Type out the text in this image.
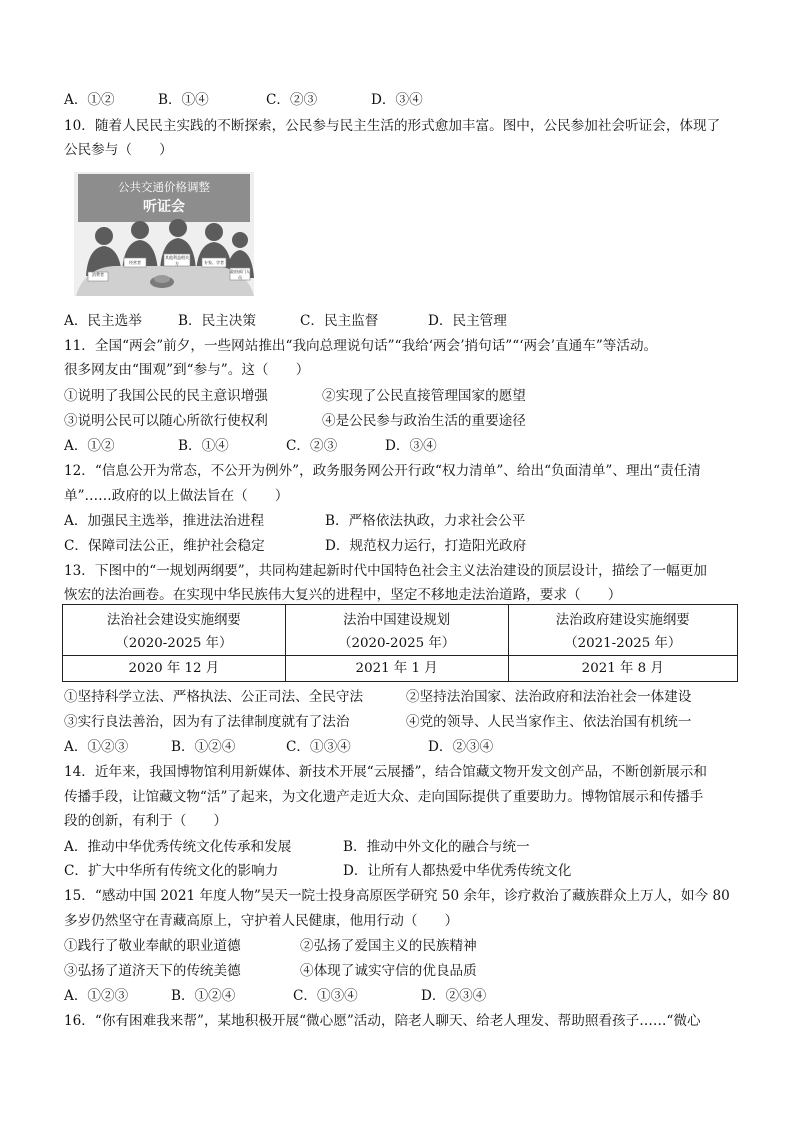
A．①②	B．①④	C．②③	D．③④
10．随着人民民主实践的不断探索，公民参与民主生活的形式愈加丰富。图中，公民参加社会听证会，体现了
公民参与（　　）
公共交通价格调整
听证会
消费者
经营者
其他利益相关方	专家、学者
政府部门人员
A．民主选举	B．民主决策	C．民主监督	D．民主管理
11．全国“两会”前夕，一些网站推出“我向总理说句话”“我给‘两会’捎句话”“‘两会’直通车”等活动。
很多网友由“围观”到“参与”。这（　　）
①说明了我国公民的民主意识增强	②实现了公民直接管理国家的愿望
③说明公民可以随心所欲行使权利	④是公民参与政治生活的重要途径
A．①②	B．①④	C．②③	D．③④
12．“信息公开为常态，不公开为例外”，政务服务网公开行政“权力清单”、给出“负面清单”、理出“责任清
单”……政府的以上做法旨在（　　）
A．加强民主选举，推进法治进程	B．严格依法执政，力求社会公平
C．保障司法公正，维护社会稳定	D．规范权力运行，打造阳光政府
13．下图中的“一规划两纲要”，共同构建起新时代中国特色社会主义法治建设的顶层设计，描绘了一幅更加
恢宏的法治画卷。在实现中华民族伟大复兴的进程中，坚定不移地走法治道路，要求（　　）
法治社会建设实施纲要	法治中国建设规划	法治政府建设实施纲要
（2020-2025 年）	（2020-2025 年）	（2021-2025 年）
2020 年 12 月	2021 年 1 月	2021 年 8 月
①坚持科学立法、严格执法、公正司法、全民守法	②坚持法治国家、法治政府和法治社会一体建设
③实行良法善治，因为有了法律制度就有了法治	④党的领导、人民当家作主、依法治国有机统一
A．①②③	B．①②④	C．①③④	D．②③④
14．近年来，我国博物馆利用新媒体、新技术开展“云展播”，结合馆藏文物开发文创产品，不断创新展示和
传播手段，让馆藏文物“活”了起来，为文化遗产走近大众、走向国际提供了重要助力。博物馆展示和传播手
段的创新，有利于（　　）
A．推动中华优秀传统文化传承和发展	B．推动中外文化的融合与统一
C．扩大中华所有传统文化的影响力	D．让所有人都热爱中华优秀传统文化
15．“感动中国 2021 年度人物”吴天一院士投身高原医学研究 50 余年，诊疗救治了藏族群众上万人，如今 80
多岁仍然坚守在青藏高原上，守护着人民健康，他用行动（　　）
①践行了敬业奉献的职业道德	②弘扬了爱国主义的民族精神
③弘扬了道济天下的传统美德	④体现了诚实守信的优良品质
A．①②③	B．①②④	C．①③④	D．②③④
16．“你有困难我来帮”，某地积极开展“微心愿”活动，陪老人聊天、给老人理发、帮助照看孩子……“微心
